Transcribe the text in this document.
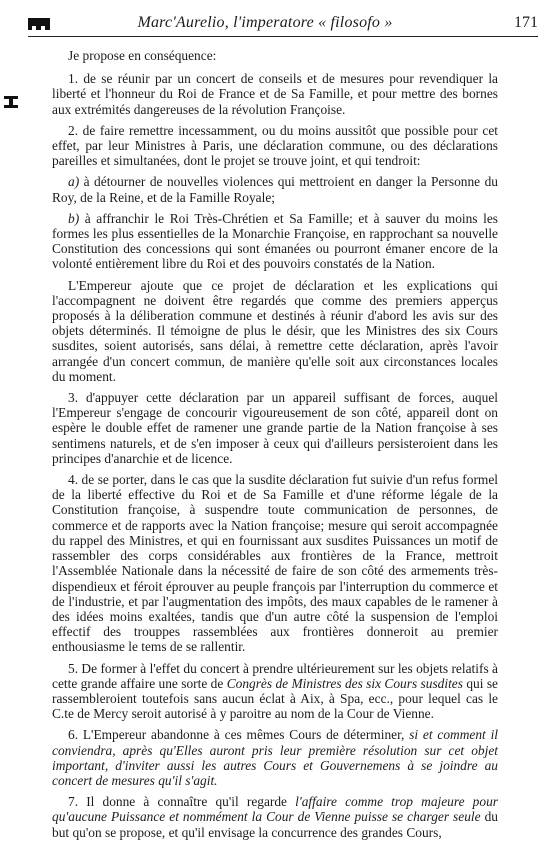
Marc'Aurelio, l'imperatore « filosofo »	171

Je propose en conséquence:

1. de se réunir par un concert de conseils et de mesures pour revendiquer la liberté et l'honneur du Roi de France et de Sa Famille, et pour mettre des bornes aux extrémités dangereuses de la révolution Françoise.

2. de faire remettre incessamment, ou du moins aussitôt que possible pour cet effet, par leur Ministres à Paris, une déclaration commune, ou des déclarations pareilles et simultanées, dont le projet se trouve joint, et qui tendroit:

a) à détourner de nouvelles violences qui mettroient en danger la Personne du Roy, de la Reine, et de la Famille Royale;

b) à affranchir le Roi Très-Chrétien et Sa Famille; et à sauver du moins les formes les plus essentielles de la Monarchie Françoise, en rapprochant sa nouvelle Constitution des concessions qui sont émanées ou pourront émaner encore de la volonté entièrement libre du Roi et des pouvoirs constatés de la Nation.

L'Empereur ajoute que ce projet de déclaration et les explications qui l'accompagnent ne doivent être regardés que comme des premiers apperçus proposés à la déliberation commune et destinés à réunir d'abord les avis sur des objets déterminés. Il témoigne de plus le désir, que les Ministres des six Cours susdites, soient autorisés, sans délai, à remettre cette déclaration, après l'avoir arrangée d'un concert commun, de manière qu'elle soit aux circonstances locales du moment.

3. d'appuyer cette déclaration par un appareil suffisant de forces, auquel l'Empereur s'engage de concourir vigoureusement de son côté, appareil dont on espère le double effet de ramener une grande partie de la Nation françoise à ses sentimens naturels, et de s'en imposer à ceux qui d'ailleurs persisteroient dans les principes d'anarchie et de licence.

4. de se porter, dans le cas que la susdite déclaration fut suivie d'un refus formel de la liberté effective du Roi et de Sa Famille et d'une réforme légale de la Constitution françoise, à suspendre toute communication de personnes, de commerce et de rapports avec la Nation françoise; mesure qui seroit accompagnée du rappel des Ministres, et qui en fournissant aux susdites Puissances un motif de rassembler des corps considérables aux frontières de la France, mettroit l'Assemblée Nationale dans la nécessité de faire de son côté des armements très-dispendieux et féroit éprouver au peuple françois par l'interruption du commerce et de l'industrie, et par l'augmentation des impôts, des maux capables de le ramener à des idées moins exaltées, tandis que d'un autre côté la suspension de l'emploi effectif des trouppes rassemblées aux frontières donneroit au premier enthousiasme le tems de se rallentir.

5. De former à l'effet du concert à prendre ultérieurement sur les objets relatifs à cette grande affaire une sorte de Congrès de Ministres des six Cours susdites qui se rassembleroient toutefois sans aucun éclat à Aix, à Spa, ecc., pour lequel cas le C.te de Mercy seroit autorisé à y paroitre au nom de la Cour de Vienne.

6. L'Empereur abandonne à ces mêmes Cours de déterminer, si et comment il conviendra, après qu'Elles auront pris leur première résolution sur cet objet important, d'inviter aussi les autres Cours et Gouvernemens à se joindre au concert de mesures qu'il s'agit.

7. Il donne à connaître qu'il regarde l'affaire comme trop majeure pour qu'aucune Puissance et nommément la Cour de Vienne puisse se charger seule du but qu'on se propose, et qu'il envisage la concurrence des grandes Cours,
